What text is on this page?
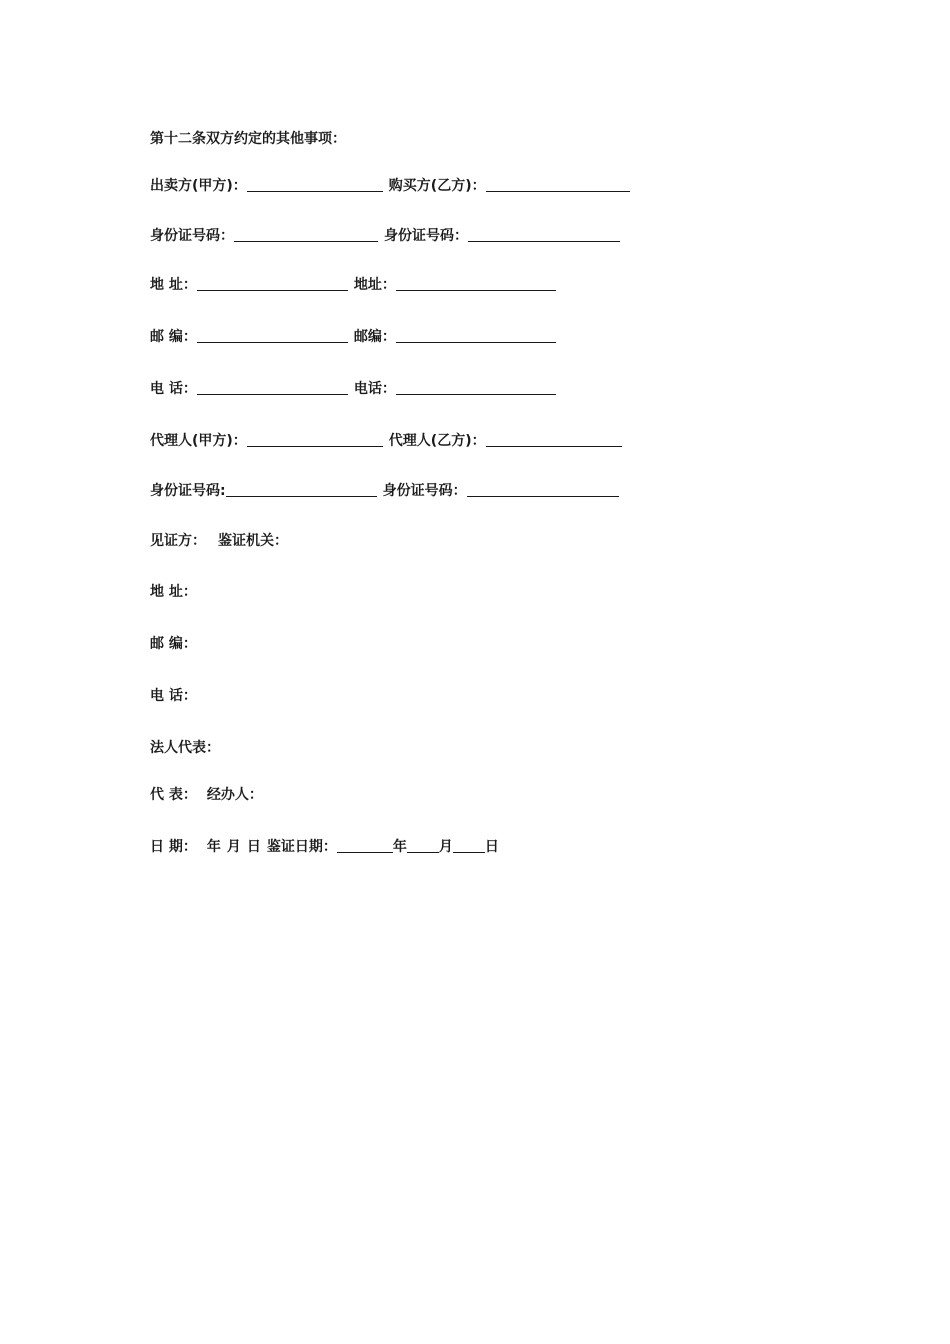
第十二条双方约定的其他事项：
出卖方(甲方)：	购买方(乙方)：
身份证号码：	身份证号码：
地 址：	地址：
邮 编：	邮编：
电 话：	电话：
代理人(甲方)：	代理人(乙方)：
身份证号码:	身份证号码：
见证方： 鉴证机关：
地 址：
邮 编：
电 话：
法人代表：
代 表： 经办人：
日 期： 年 月 日 鉴证日期：	年 月 日
